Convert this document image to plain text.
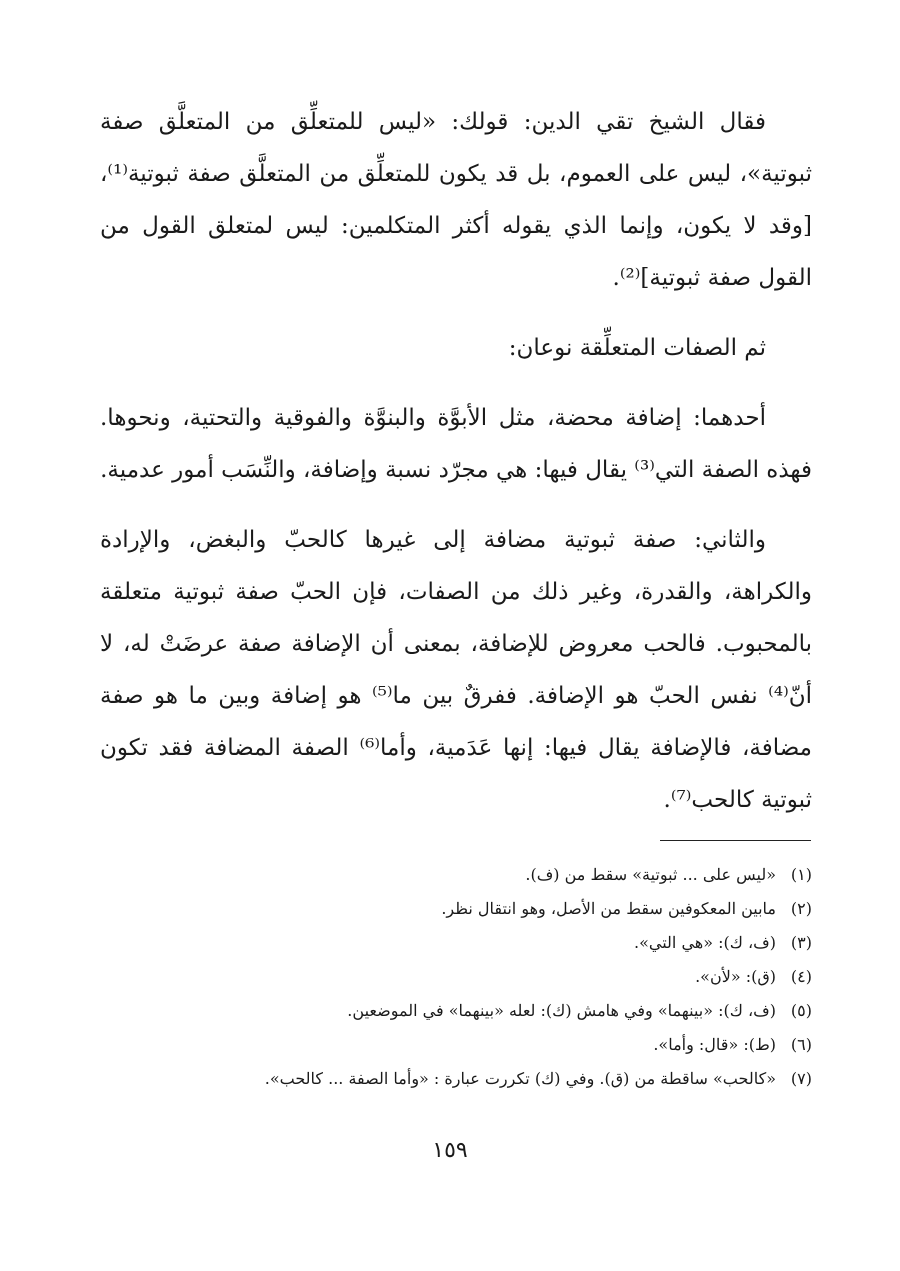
فقال الشيخ تقي الدين: قولك: «ليس للمتعلِّق من المتعلَّق صفة ثبوتية»، ليس على العموم، بل قد يكون للمتعلِّق من المتعلَّق صفة ثبوتية⁽¹⁾، [وقد لا يكون، وإنما الذي يقوله أكثر المتكلمين: ليس لمتعلق القول من القول صفة ثبوتية]⁽²⁾.

ثم الصفات المتعلِّقة نوعان:

أحدهما: إضافة محضة، مثل الأبوَّة والبنوَّة والفوقية والتحتية، ونحوها. فهذه الصفة التي⁽³⁾ يقال فيها: هي مجرّد نسبة وإضافة، والنِّسَب أمور عدمية.

والثاني: صفة ثبوتية مضافة إلى غيرها كالحبّ والبغض، والإرادة والكراهة، والقدرة، وغير ذلك من الصفات، فإن الحبّ صفة ثبوتية متعلقة بالمحبوب. فالحب معروض للإضافة، بمعنى أن الإضافة صفة عرضَتْ له، لا أنّ⁽⁴⁾ نفس الحبّ هو الإضافة. ففرقٌ بين ما⁽⁵⁾ هو إضافة وبين ما هو صفة مضافة، فالإضافة يقال فيها: إنها عَدَمية، وأما⁽⁶⁾ الصفة المضافة فقد تكون ثبوتية كالحب⁽⁷⁾.

(١)«ليس على ... ثبوتية» سقط من (ف).
(٢)مابين المعكوفين سقط من الأصل، وهو انتقال نظر.
(٣)(ف، ك): «هي التي».
(٤)(ق): «لأن».
(٥)(ف، ك): «بينهما» وفي هامش (ك): لعله «بينهما» في الموضعين.
(٦)(ط): «قال: وأما».
(٧)«كالحب» ساقطة من (ق). وفي (ك) تكررت عبارة : «وأما الصفة ... كالحب».
١٥٩
